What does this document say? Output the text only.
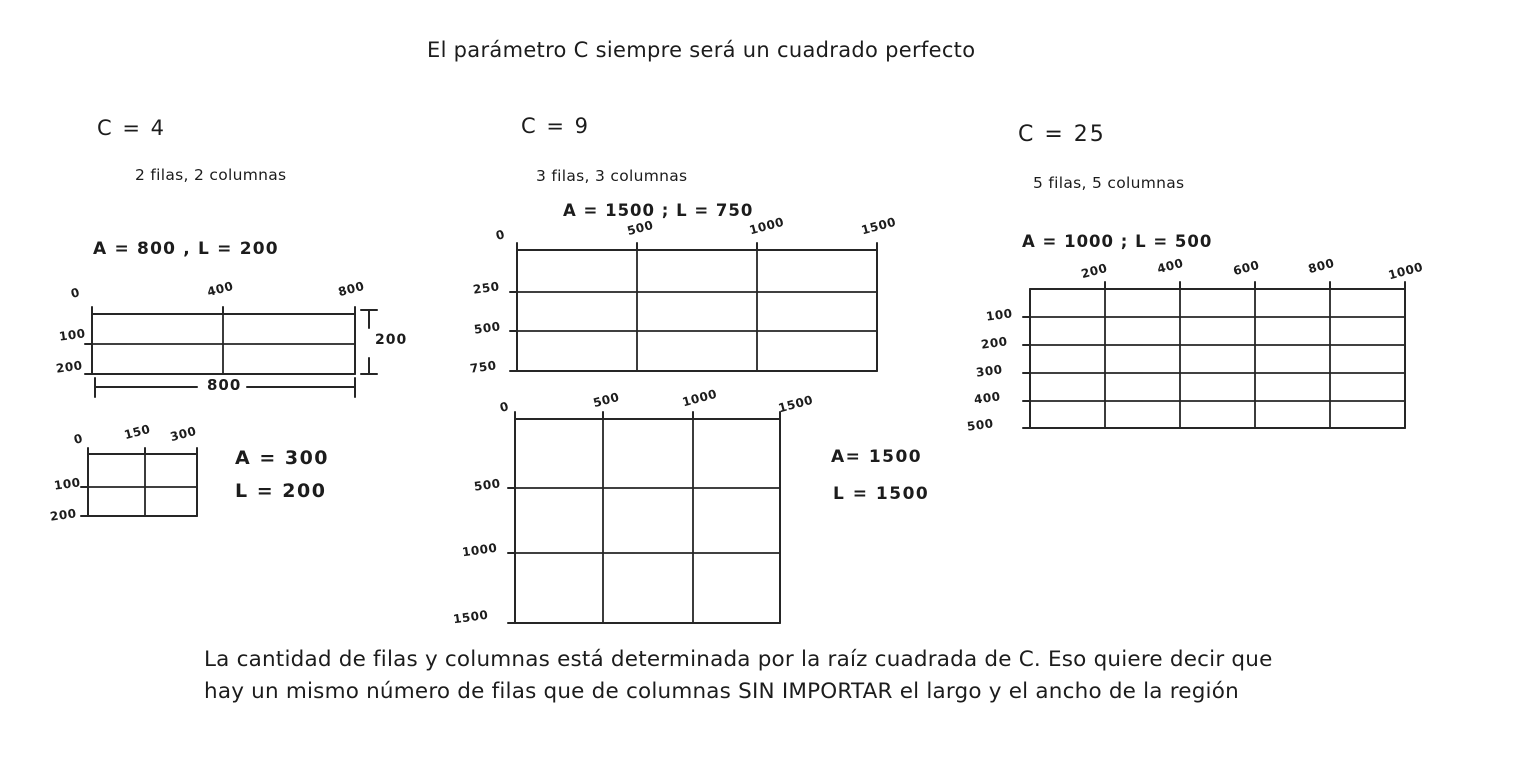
El parámetro C siempre será un cuadrado perfecto
C = 4
2 filas, 2 columnas
A = 800 , L = 200
0	400	800
100
200
800
200
0	150 300
100
200
A = 300
L = 200
C = 9
3 filas, 3 columnas
A = 1500 ; L = 750
0	500	1000	1500
250
500
750
0	500	1000	1500
500
1000
1500
A= 1500
L = 1500
C = 25
5 filas, 5 columnas
A = 1000 ; L = 500
200	400	600	800	1000
100
200
300
400
500
La cantidad de filas y columnas está determinada por la raíz cuadrada de C. Eso quiere decir que
hay un mismo número de filas que de columnas SIN IMPORTAR el largo y el ancho de la región
